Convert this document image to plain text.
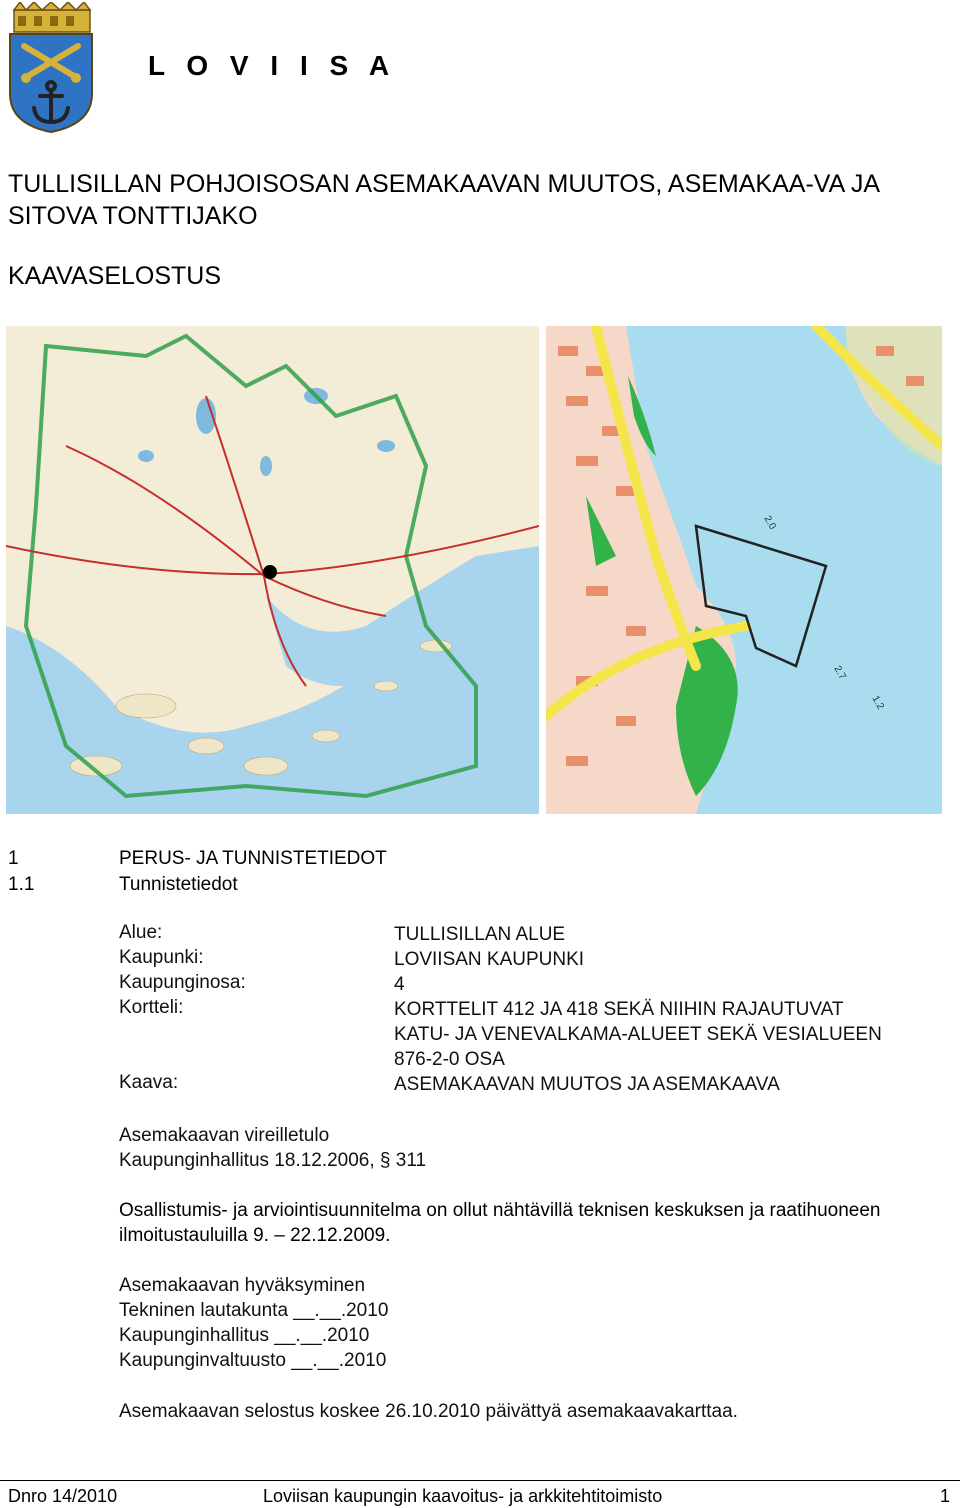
L O V I I S A
TULLISILLAN POHJOISOSAN ASEMAKAAVAN MUUTOS, ASEMAKAA-VA JA SITOVA TONTTIJAKO
KAAVASELOSTUS
2.0
2.7
1.2
1	PERUS- JA TUNNISTETIEDOT
1.1	Tunnistetiedot
Alue:	TULLISILLAN ALUE
Kaupunki:	LOVIISAN KAUPUNKI
Kaupunginosa:	4
Kortteli:	KORTTELIT 412 JA 418 SEKÄ NIIHIN RAJAUTUVAT
KATU- JA VENEVALKAMA-ALUEET SEKÄ VESIALUEEN
876-2-0 OSA
Kaava:	ASEMAKAAVAN MUUTOS JA ASEMAKAAVA
Asemakaavan vireilletulo
Kaupunginhallitus 18.12.2006, § 311
Osallistumis- ja arviointisuunnitelma on ollut nähtävillä teknisen keskuksen ja raatihuoneen ilmoitustauluilla 9. – 22.12.2009.
Asemakaavan hyväksyminen
Tekninen lautakunta __.__.2010
Kaupunginhallitus __.__.2010
Kaupunginvaltuusto __.__.2010
Asemakaavan selostus koskee 26.10.2010 päivättyä asemakaavakarttaa.
Dnro 14/2010	Loviisan kaupungin kaavoitus- ja arkkitehtitoimisto	1
